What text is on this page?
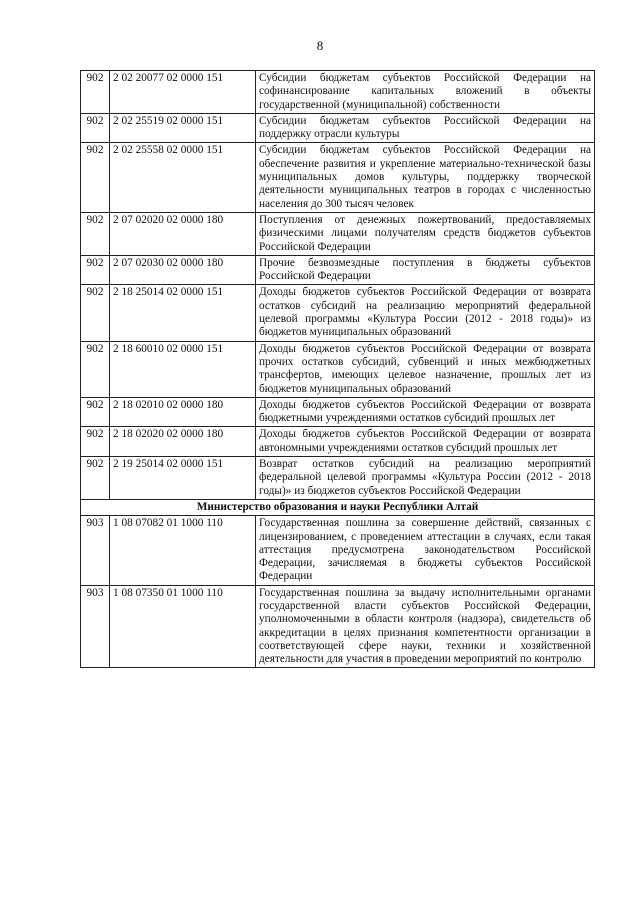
8
902	2 02 20077 02 0000 151	Субсидии бюджетам субъектов Российской Федерации на софинансирование капитальных вложений в объекты государственной (муниципальной) собственности
902	2 02 25519 02 0000 151	Субсидии бюджетам субъектов Российской Федерации на поддержку отрасли культуры
902	2 02 25558 02 0000 151	Субсидии бюджетам субъектов Российской Федерации на обеспечение развития и укрепление материально-технической базы муниципальных домов культуры, поддержку творческой деятельности муниципальных театров в городах с численностью населения до 300 тысяч человек
902	2 07 02020 02 0000 180	Поступления от денежных пожертвований, предоставляемых физическими лицами получателям средств бюджетов субъектов Российской Федерации
902	2 07 02030 02 0000 180	Прочие безвозмездные поступления в бюджеты субъектов Российской Федерации
902	2 18 25014 02 0000 151	Доходы бюджетов субъектов Российской Федерации от возврата остатков субсидий на реализацию мероприятий федеральной целевой программы «Культура России (2012 - 2018 годы)» из бюджетов муниципальных образований
902	2 18 60010 02 0000 151	Доходы бюджетов субъектов Российской Федерации от возврата прочих остатков субсидий, субвенций и иных межбюджетных трансфертов, имеющих целевое назначение, прошлых лет из бюджетов муниципальных образований
902	2 18 02010 02 0000 180	Доходы бюджетов субъектов Российской Федерации от возврата бюджетными учреждениями остатков субсидий прошлых лет
902	2 18 02020 02 0000 180	Доходы бюджетов субъектов Российской Федерации от возврата автономными учреждениями остатков субсидий прошлых лет
902	2 19 25014 02 0000 151	Возврат остатков субсидий на реализацию мероприятий федеральной целевой программы «Культура России (2012 - 2018 годы)» из бюджетов субъектов Российской Федерации
Министерство образования и науки Республики Алтай		
903	1 08 07082 01 1000 110	Государственная пошлина за совершение действий, связанных с лицензированием, с проведением аттестации в случаях, если такая аттестация предусмотрена законодательством Российской Федерации, зачисляемая в бюджеты субъектов Российской Федерации
903	1 08 07350 01 1000 110	Государственная пошлина за выдачу исполнительными органами государственной власти субъектов Российской Федерации, уполномоченными в области контроля (надзора), свидетельств об аккредитации в целях признания компетентности организации в соответствующей сфере науки, техники и хозяйственной деятельности для участия в проведении мероприятий по контролю
